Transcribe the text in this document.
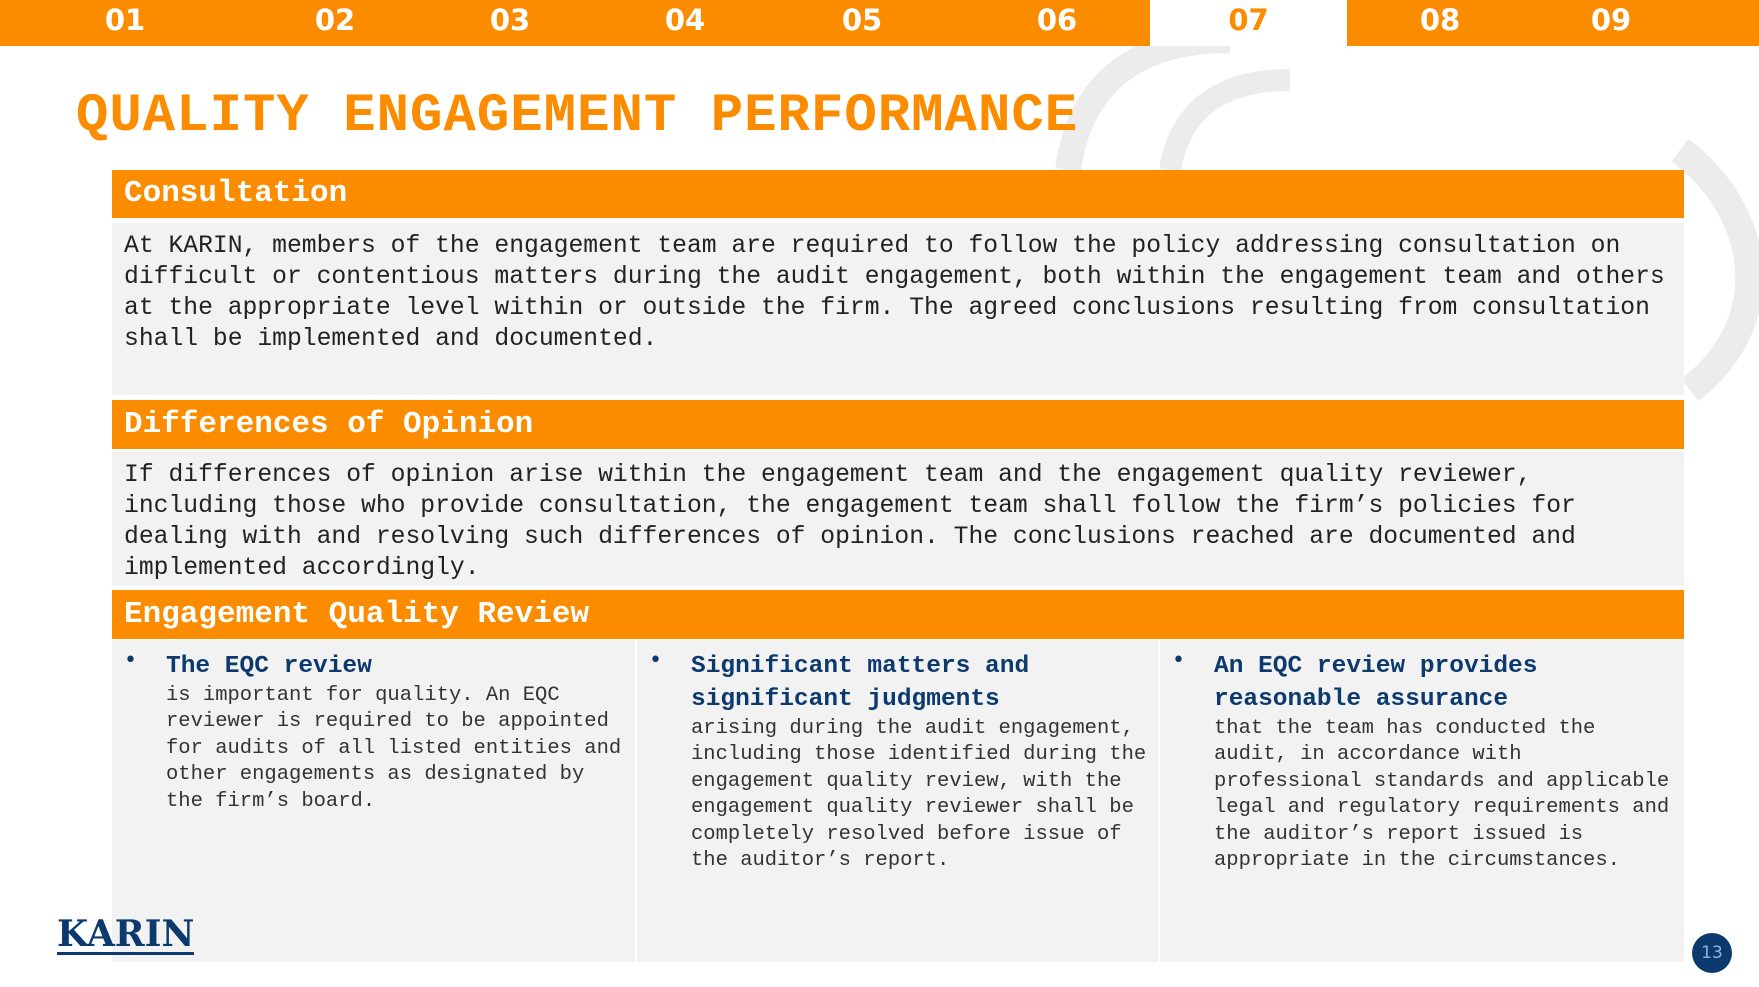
01	02	03	04	05	06	07	08	09
QUALITY ENGAGEMENT PERFORMANCE
Consultation
At KARIN, members of the engagement team are required to follow the policy addressing consultation on difficult or contentious matters during the audit engagement, both within the engagement team and others at the appropriate level within or outside the firm. The agreed conclusions resulting from consultation shall be implemented and documented.
Differences of Opinion
If differences of opinion arise within the engagement team and the engagement quality reviewer, including those who provide consultation, the engagement team shall follow the firm’s policies for dealing with and resolving such differences of opinion. The conclusions reached are documented and implemented accordingly.
Engagement Quality Review
• The EQC review

is important for quality. An EQC reviewer is required to be appointed for audits of all listed entities and other engagements as designated by the firm’s board.

• Significant matters and significant judgments

arising during the audit engagement, including those identified during the engagement quality review, with the engagement quality reviewer shall be completely resolved before issue of the auditor’s report.

• An EQC review provides reasonable assurance

that the team has conducted the audit, in accordance with professional standards and applicable legal and regulatory requirements and the auditor’s report issued is appropriate in the circumstances.

KARIN	13
